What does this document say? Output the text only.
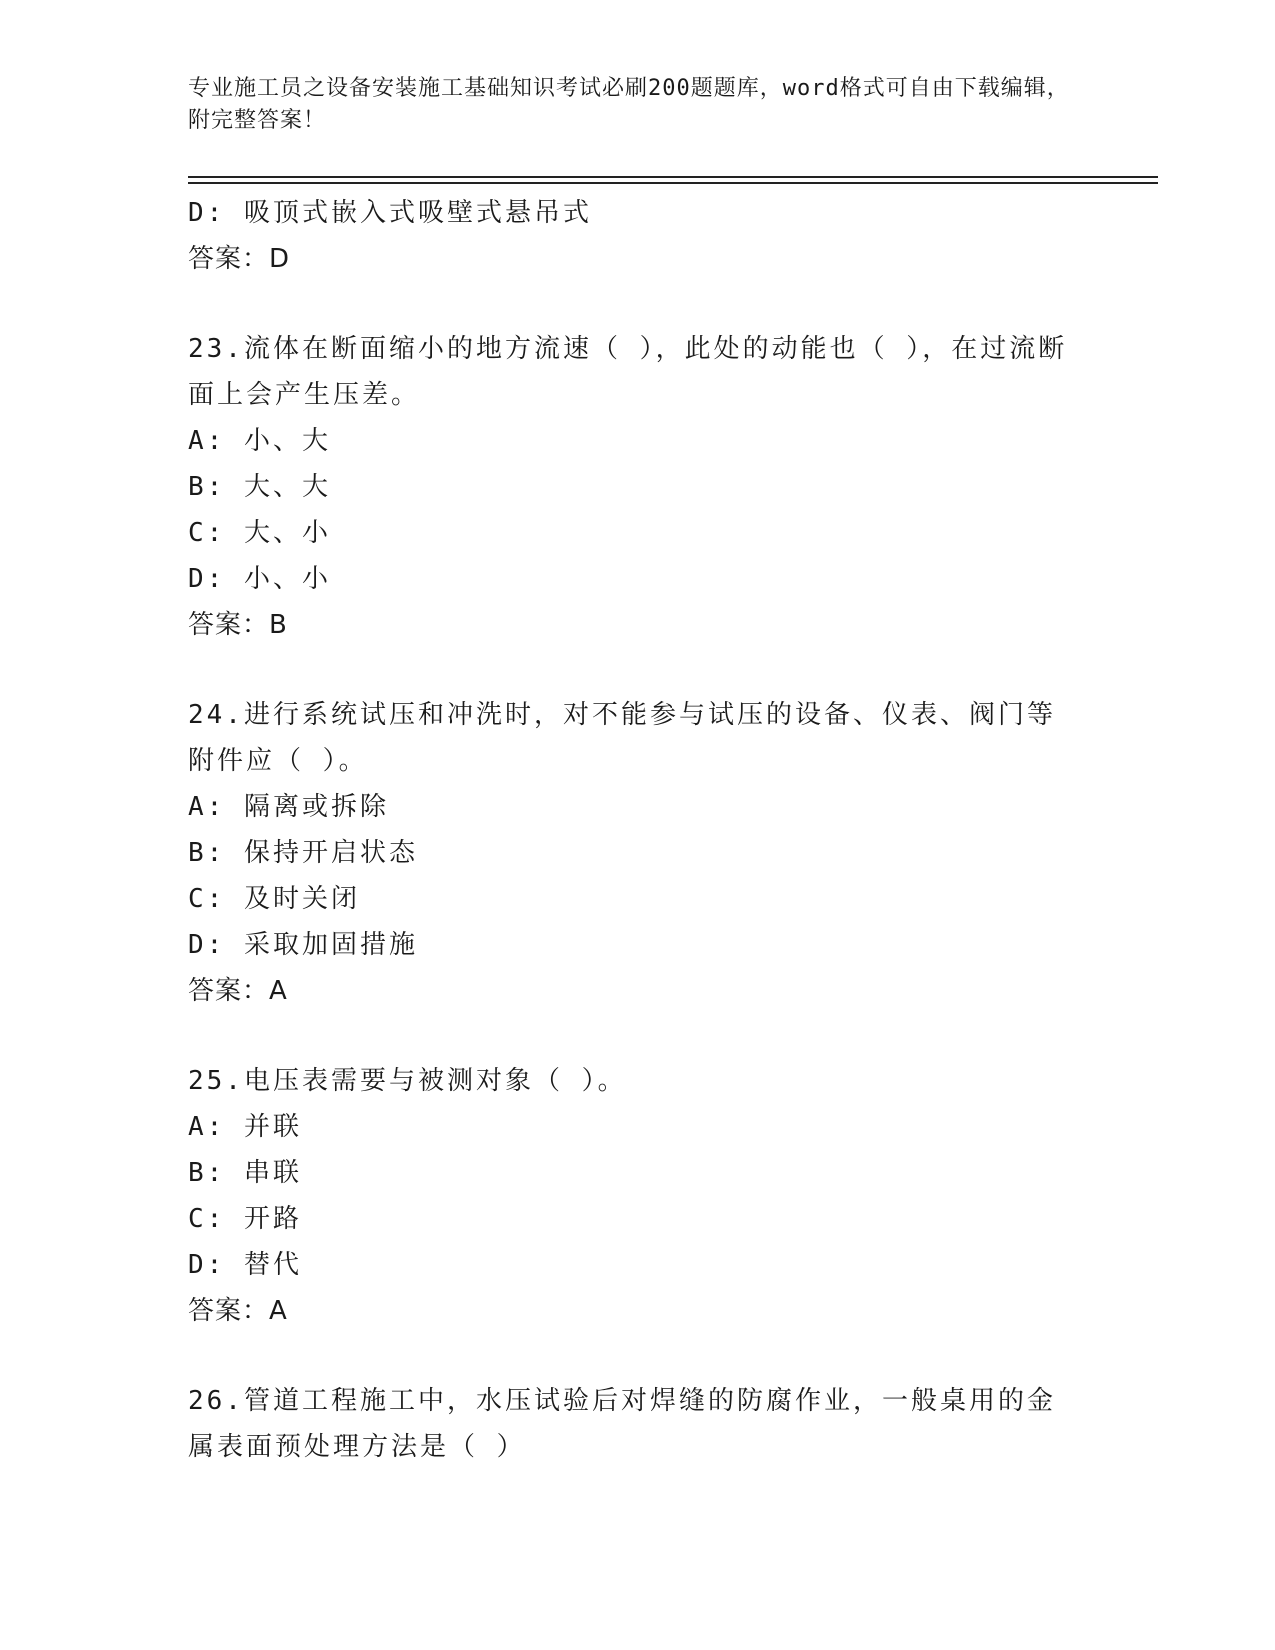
专业施工员之设备安装施工基础知识考试必刷200题题库，word格式可自由下载编辑，附完整答案！
D: 吸顶式嵌入式吸壁式悬吊式
答案：D
23.流体在断面缩小的地方流速（ ），此处的动能也（ ），在过流断面上会产生压差。
A: 小、大
B: 大、大
C: 大、小
D: 小、小
答案：B
24.进行系统试压和冲洗时，对不能参与试压的设备、仪表、阀门等附件应（ ）。
A: 隔离或拆除
B: 保持开启状态
C: 及时关闭
D: 采取加固措施
答案：A
25.电压表需要与被测对象（ ）。
A: 并联
B: 串联
C: 开路
D: 替代
答案：A
26.管道工程施工中，水压试验后对焊缝的防腐作业，一般桌用的金属表面预处理方法是（ ）
